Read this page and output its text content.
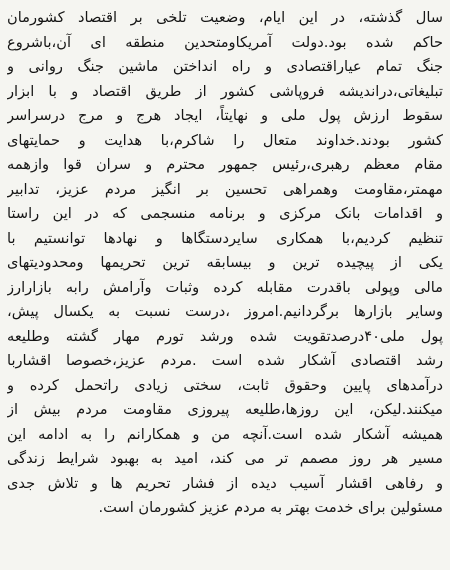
سال گذشته، در این ایام، وضعیت تلخی بر اقتصاد کشورمان
حاکم شده بود.دولت آمریکاومتحدین منطقه ای آن،باشروع
جنگ تمام عیاراقتصادی و راه انداختن ماشین جنگ روانی و
تبلیغاتی،درانديشه فروپاشی کشور از طریق اقتصاد و با ابزار
سقوط ارزش پول ملی و نهایتاً، ایجاد هرج و مرج درسراسر
کشور بودند.خداوند متعال را شاکرم،با هدایت و حمایتهای
مقام معظم رهبری،رئیس جمهور محترم و سران قوا وازهمه
مهمتر،مقاومت وهمراهی تحسین بر انگیز مردم عزیز، تدابیر
و اقدامات بانک مرکزی و برنامه منسجمی که در این راستا
تنظیم کردیم،با همکاری سایردستگاها و نهادها توانستیم با
یکی از پیچیده ترین و بیسابقه ترین تحریمها ومحدودیتهای
مالی وپولی باقدرت مقابله کرده وثبات وآرامش رابه بازارارز
وسایر بازارها برگردانیم.امروز ،درست نسبت به یکسال پیش،
پول ملی۴۰درصدتقویت شده ورشد تورم مهار گشته وطلیعه
رشد اقتصادی آشکار شده است .مردم عزیز،خصوصا اقشاربا
درآمدهای پایین وحقوق ثابت، سختی زیادی راتحمل کرده و
میکنند.لیکن، این روزها،طلیعه پیروزی مقاومت مردم بیش از
همیشه آشکار شده است.آنچه من و همکارانم را به ادامه این
مسیر هر روز مصمم تر می کند، امید به بهبود شرایط زندگی
و رفاهی اقشار آسیب دیده از فشار تحریم ها و تلاش جدی
مسئولین برای خدمت بهتر به مردم عزیز کشورمان است.
